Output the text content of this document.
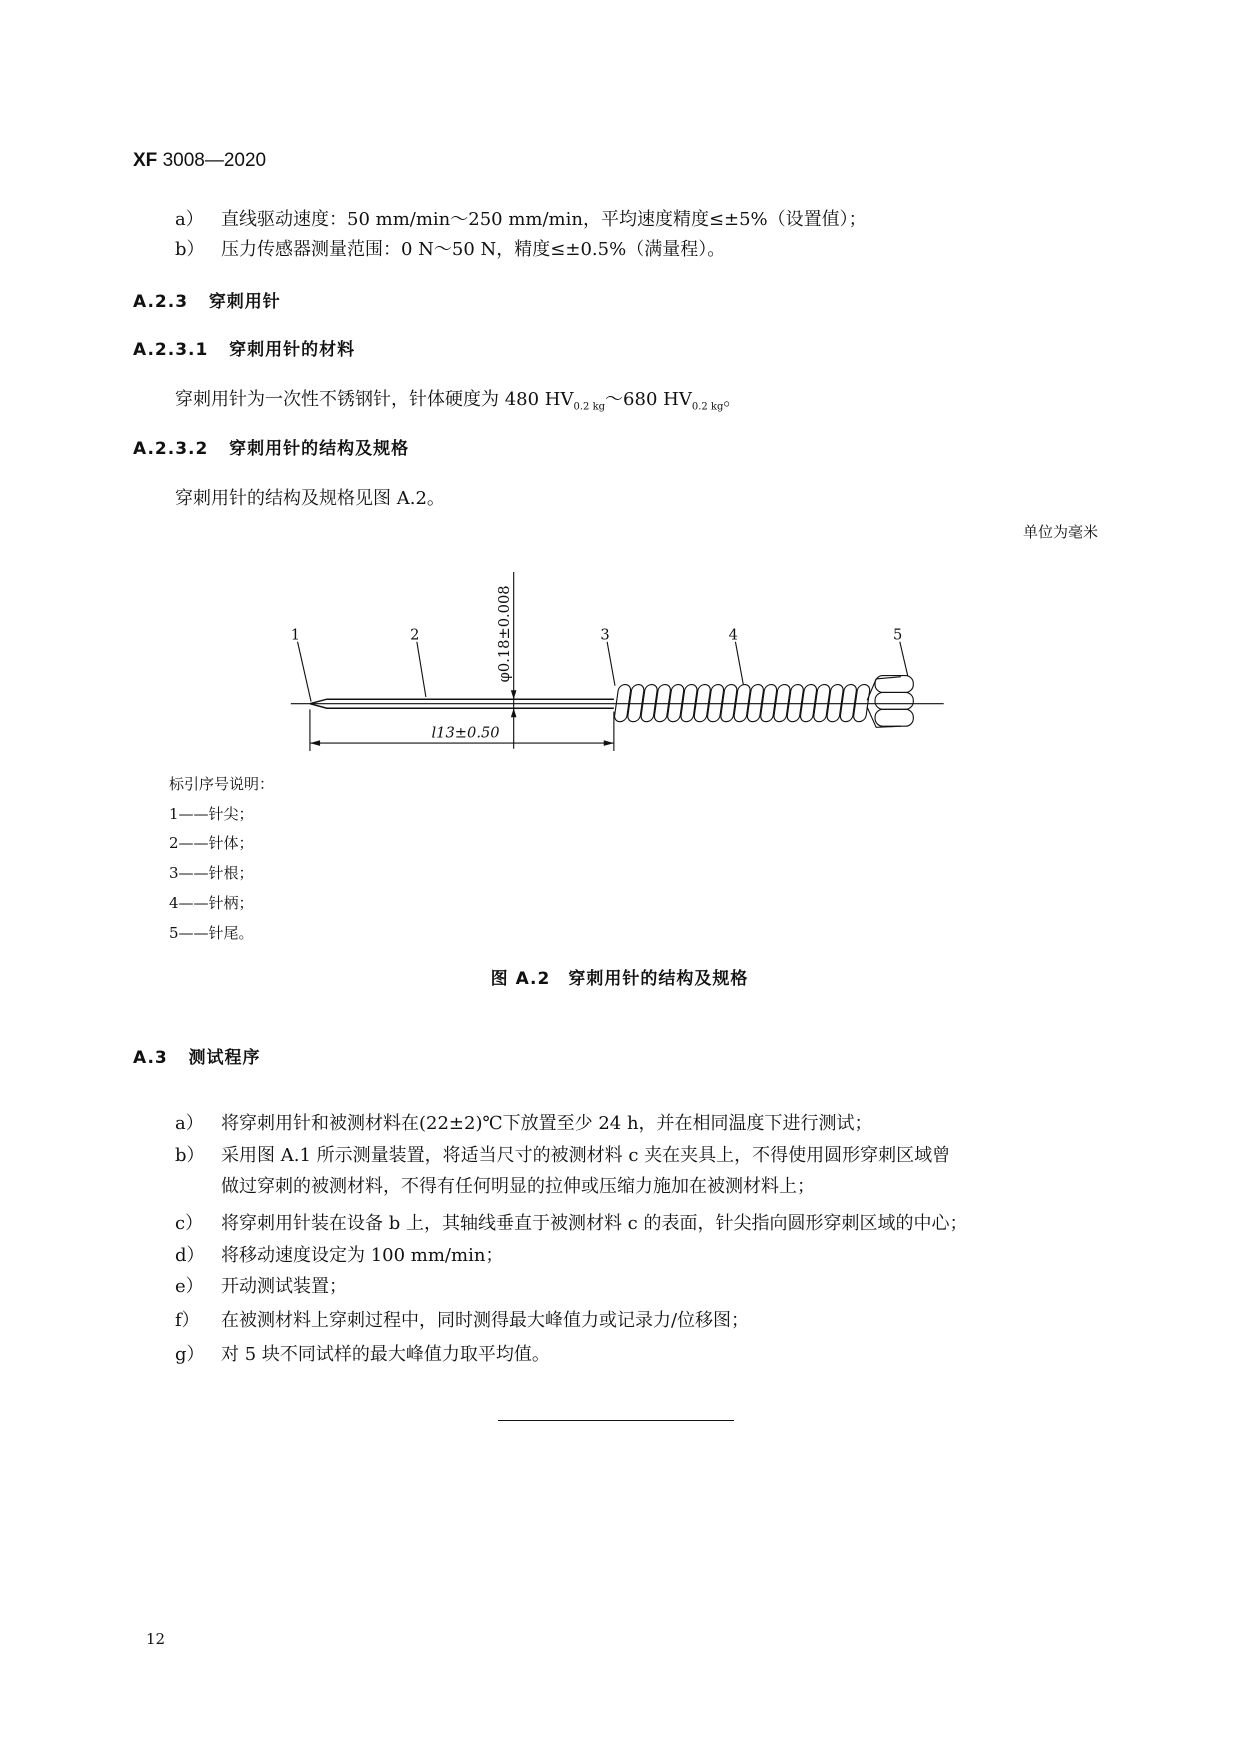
XF 3008—2020
a） 直线驱动速度：50 mm/min～250 mm/min，平均速度精度≤±5%（设置值）；
b） 压力传感器测量范围：0 N～50 N，精度≤±0.5%（满量程）。
A.2.3 穿刺用针
A.2.3.1 穿刺用针的材料
穿刺用针为一次性不锈钢针，针体硬度为 480 $HV_{0.2 kg}\sim 680$ $HV_{0.2 kg}$。
A.2.3.2 穿刺用针的结构及规格
穿刺用针的结构及规格见图 A.2。
单位为毫米
1	2	3	4	5
φ0.18±0.008
l13±0.50
标引序号说明：
1——针尖；
2——针体；
3——针根；
4——针柄；
5——针尾。
图 A.2　穿刺用针的结构及规格
A.3 测试程序
a） 将穿刺用针和被测材料在(22±2)℃下放置至少 24 h，并在相同温度下进行测试；
b） 采用图 A.1 所示测量装置，将适当尺寸的被测材料 c 夹在夹具上，不得使用圆形穿刺区域曾
做过穿刺的被测材料，不得有任何明显的拉伸或压缩力施加在被测材料上；
c） 将穿刺用针装在设备 b 上，其轴线垂直于被测材料 c 的表面，针尖指向圆形穿刺区域的中心；
d） 将移动速度设定为 100 mm/min；
e） 开动测试装置；
f） 在被测材料上穿刺过程中，同时测得最大峰值力或记录力/位移图；
g） 对 5 块不同试样的最大峰值力取平均值。
12
